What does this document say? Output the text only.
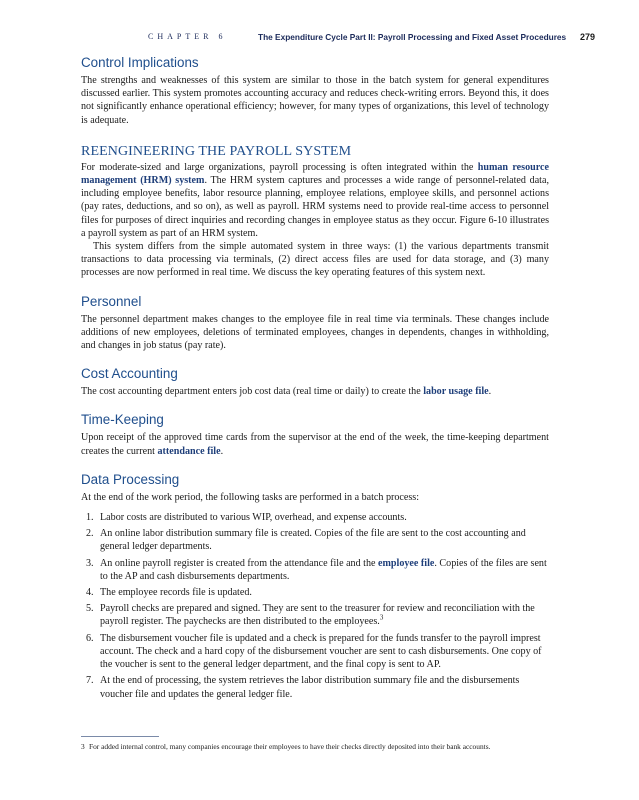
CHAPTER 6	The Expenditure Cycle Part II: Payroll Processing and Fixed Asset Procedures 279
Control Implications

The strengths and weaknesses of this system are similar to those in the batch system for general expenditures discussed earlier. This system promotes accounting accuracy and reduces check-writing errors. Beyond this, it does not significantly enhance operational efficiency; however, for many types of organizations, this level of technology is adequate.

REENGINEERING THE PAYROLL SYSTEM

For moderate-sized and large organizations, payroll processing is often integrated within the human resource management (HRM) system. The HRM system captures and processes a wide range of personnel-related data, including employee benefits, labor resource planning, employee relations, employee skills, and personnel actions (pay rates, deductions, and so on), as well as payroll. HRM systems need to provide real-time access to personnel files for purposes of direct inquiries and recording changes in employee status as they occur. Figure 6-10 illustrates a payroll system as part of an HRM system.

This system differs from the simple automated system in three ways: (1) the various departments transmit transactions to data processing via terminals, (2) direct access files are used for data storage, and (3) many processes are now performed in real time. We discuss the key operating features of this system next.

Personnel

The personnel department makes changes to the employee file in real time via terminals. These changes include additions of new employees, deletions of terminated employees, changes in dependents, changes in withholding, and changes in job status (pay rate).

Cost Accounting

The cost accounting department enters job cost data (real time or daily) to create the labor usage file.

Time-Keeping

Upon receipt of the approved time cards from the supervisor at the end of the week, the time-keeping department creates the current attendance file.

Data Processing

At the end of the work period, the following tasks are performed in a batch process:

1. Labor costs are distributed to various WIP, overhead, and expense accounts.
2. An online labor distribution summary file is created. Copies of the file are sent to the cost accounting and general ledger departments.
3. An online payroll register is created from the attendance file and the employee file. Copies of the files are sent to the AP and cash disbursements departments.
4. The employee records file is updated.
5. Payroll checks are prepared and signed. They are sent to the treasurer for review and reconciliation with the payroll register. The paychecks are then distributed to the employees.$^3$
6. The disbursement voucher file is updated and a check is prepared for the funds transfer to the payroll imprest account. The check and a hard copy of the disbursement voucher are sent to cash disbursements. One copy of the voucher is sent to the general ledger department, and the final copy is sent to AP.
7. At the end of processing, the system retrieves the labor distribution summary file and the disbursements voucher file and updates the general ledger file.
3 For added internal control, many companies encourage their employees to have their checks directly deposited into their bank accounts.
